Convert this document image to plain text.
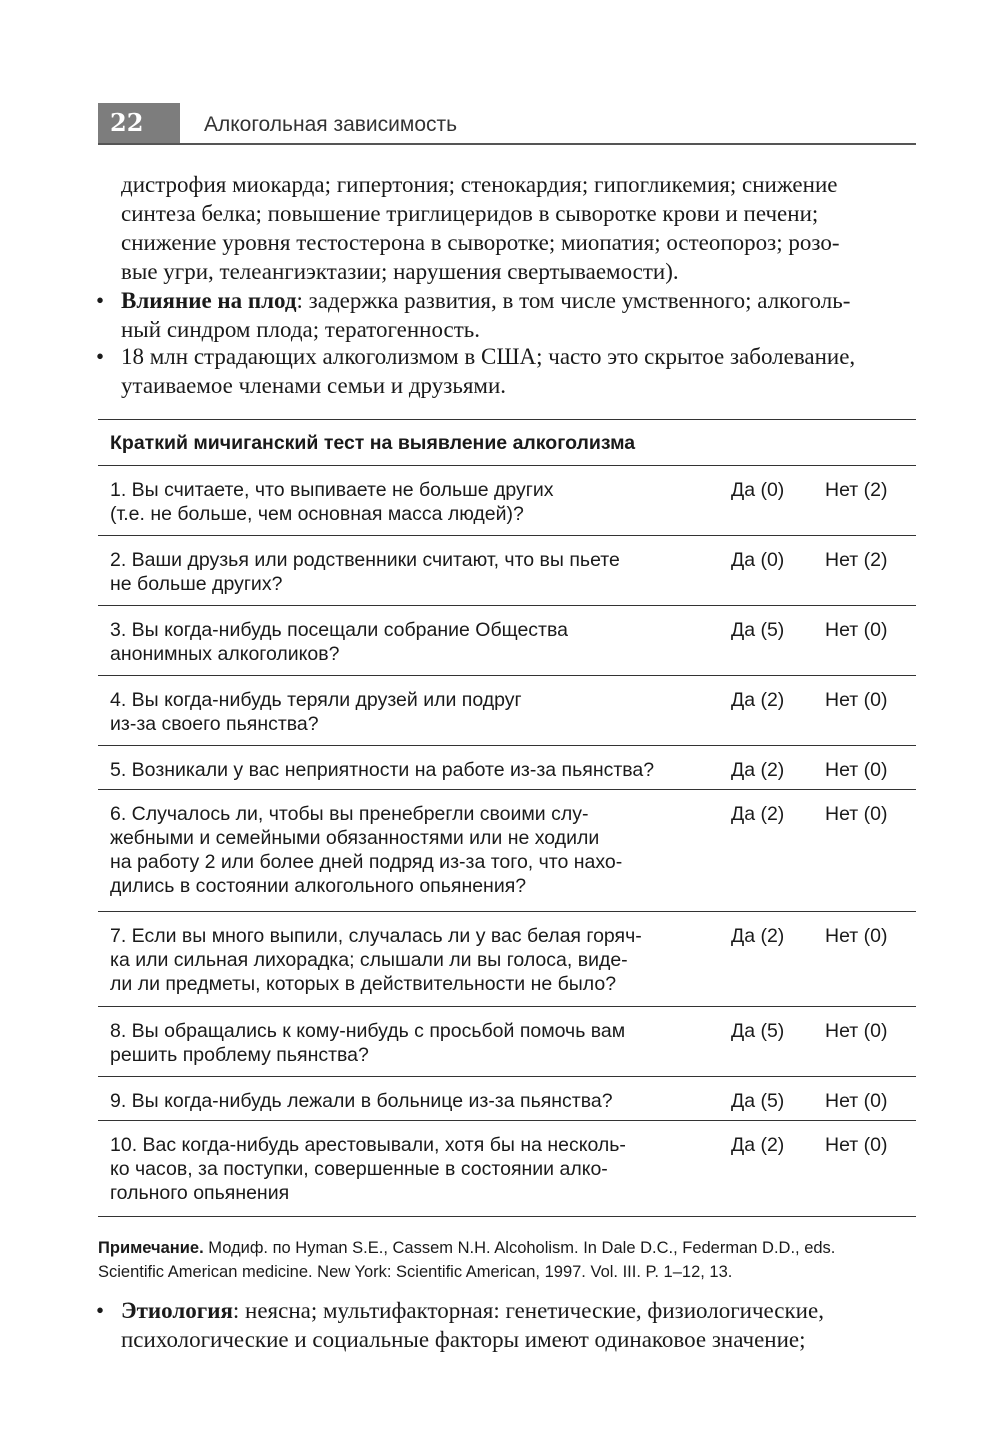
22	Алкогольная зависимость
дистрофия миокарда; гипертония; стенокардия; гипогликемия; снижение
синтеза белка; повышение триглицеридов в сыворотке крови и печени;
снижение уровня тестостерона в сыворотке; миопатия; остеопороз; розо-
вые угри, телеангиэктазии; нарушения свертываемости).
• Влияние на плод: задержка развития, в том числе умственного; алкоголь-
ный синдром плода; тератогенность.
• 18 млн страдающих алкоголизмом в США; часто это скрытое заболевание,
утаиваемое членами семьи и друзьями.
Краткий мичиганский тест на выявление алкоголизма
1. Вы считаете, что выпиваете не больше других
(т.е. не больше, чем основная масса людей)?
Да (0) Нет (2)
2. Ваши друзья или родственники считают, что вы пьете
не больше других?
Да (0) Нет (2)
3. Вы когда-нибудь посещали собрание Общества
анонимных алкоголиков?
Да (5) Нет (0)
4. Вы когда-нибудь теряли друзей или подруг
из-за своего пьянства?
Да (2) Нет (0)
5. Возникали у вас неприятности на работе из-за пьянства?	Да (2) Нет (0)
6. Случалось ли, чтобы вы пренебрегли своими слу-
жебными и семейными обязанностями или не ходили
на работу 2 или более дней подряд из-за того, что нахо-
дились в состоянии алкогольного опьянения?
Да (2) Нет (0)
7. Если вы много выпили, случалась ли у вас белая горяч-
ка или сильная лихорадка; слышали ли вы голоса, виде-
ли ли предметы, которых в действительности не было?
Да (2) Нет (0)
8. Вы обращались к кому-нибудь с просьбой помочь вам
решить проблему пьянства?
Да (5) Нет (0)
9. Вы когда-нибудь лежали в больнице из-за пьянства?	Да (5) Нет (0)
10. Вас когда-нибудь арестовывали, хотя бы на несколь-
ко часов, за поступки, совершенные в состоянии алко-
гольного опьянения
Да (2) Нет (0)
Примечание. Модиф. по Hyman S.E., Cassem N.H. Alcoholism. In Dale D.C., Federman D.D., eds.
Scientific American medicine. New York: Scientific American, 1997. Vol. III. P. 1–12, 13.
• Этиология: неясна; мультифакторная: генетические, физиологические,
психологические и социальные факторы имеют одинаковое значение;
